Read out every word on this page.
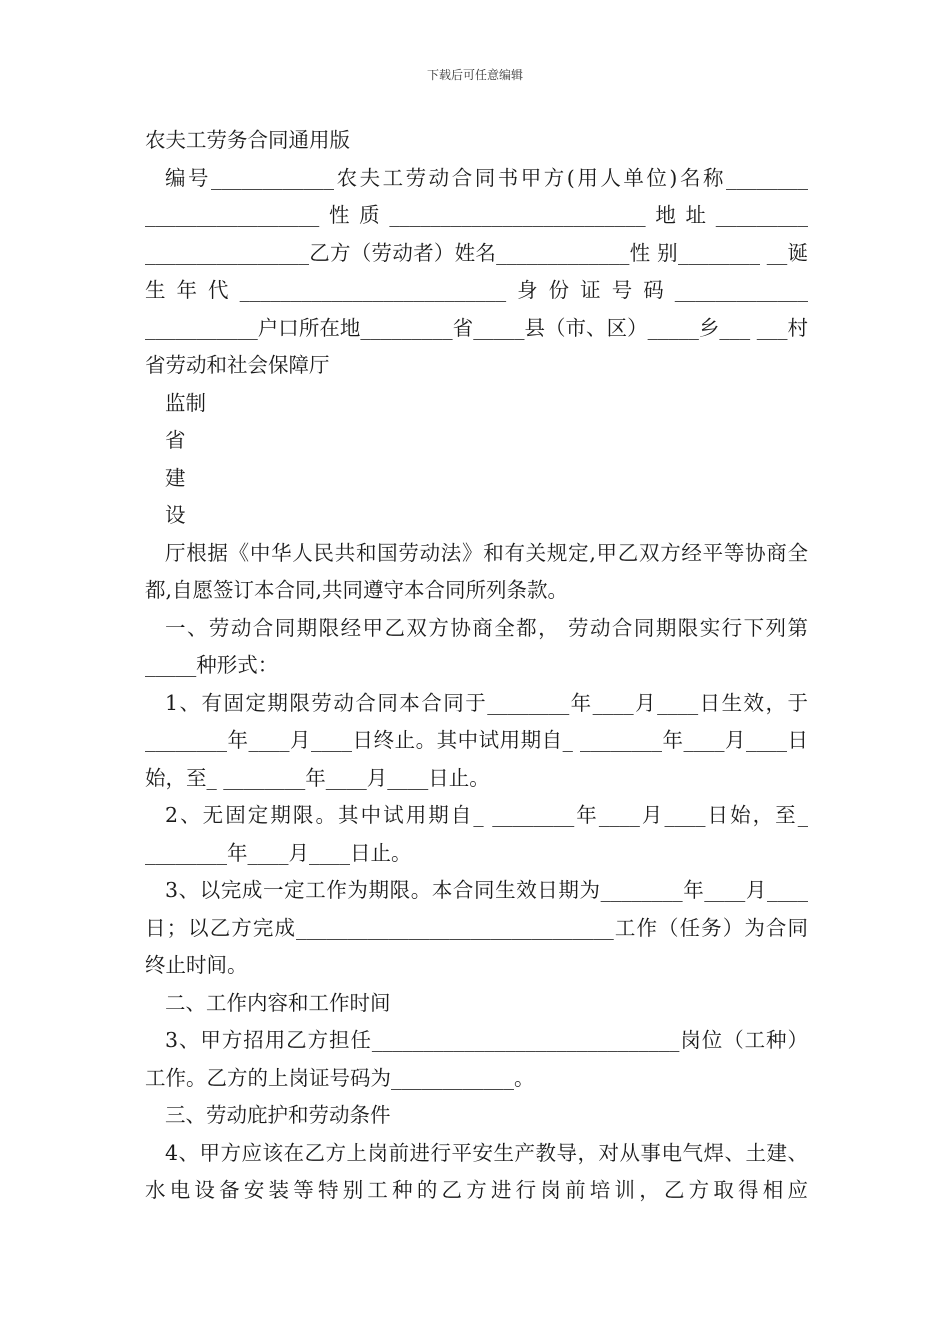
下载后可任意编辑

农夫工劳务合同通用版

编号____________农夫工劳动合同书甲方(用人单位)名称________ _________________性质_________________________地址_________ ________________乙方（劳动者）姓名_____________性 别________ __诞生年代__________________________身份证号码_____________ ___________户口所在地_________省_____县（市、区）_____乡___ ___村省劳动和社会保障厅

监制

省

建

设

厅根据《中华人民共和国劳动法》和有关规定,甲乙双方经平等协商全都,自愿签订本合同,共同遵守本合同所列条款。

一、劳动合同期限经甲乙双方协商全都， 劳动合同期限实行下列第_____种形式：

1、有固定期限劳动合同本合同于________年____月____日生效，于________年____月____日终止。其中试用期自_ ________年____月____日始，至_ ________年____月____日止。

2、无固定期限。其中试用期自_ ________年____月____日始，至_ ________年____月____日止。

3、以完成一定工作为期限。本合同生效日期为________年____月____日；以乙方完成_______________________________工作（任务）为合同终止时间。

二、工作内容和工作时间

3、甲方招用乙方担任______________________________岗位（工种）工作。乙方的上岗证号码为____________。

三、劳动庇护和劳动条件

4、甲方应该在乙方上岗前进行平安生产教导，对从事电气焊、土建、水电设备安装等特别工种的乙方进行岗前培训，乙方取得相应
